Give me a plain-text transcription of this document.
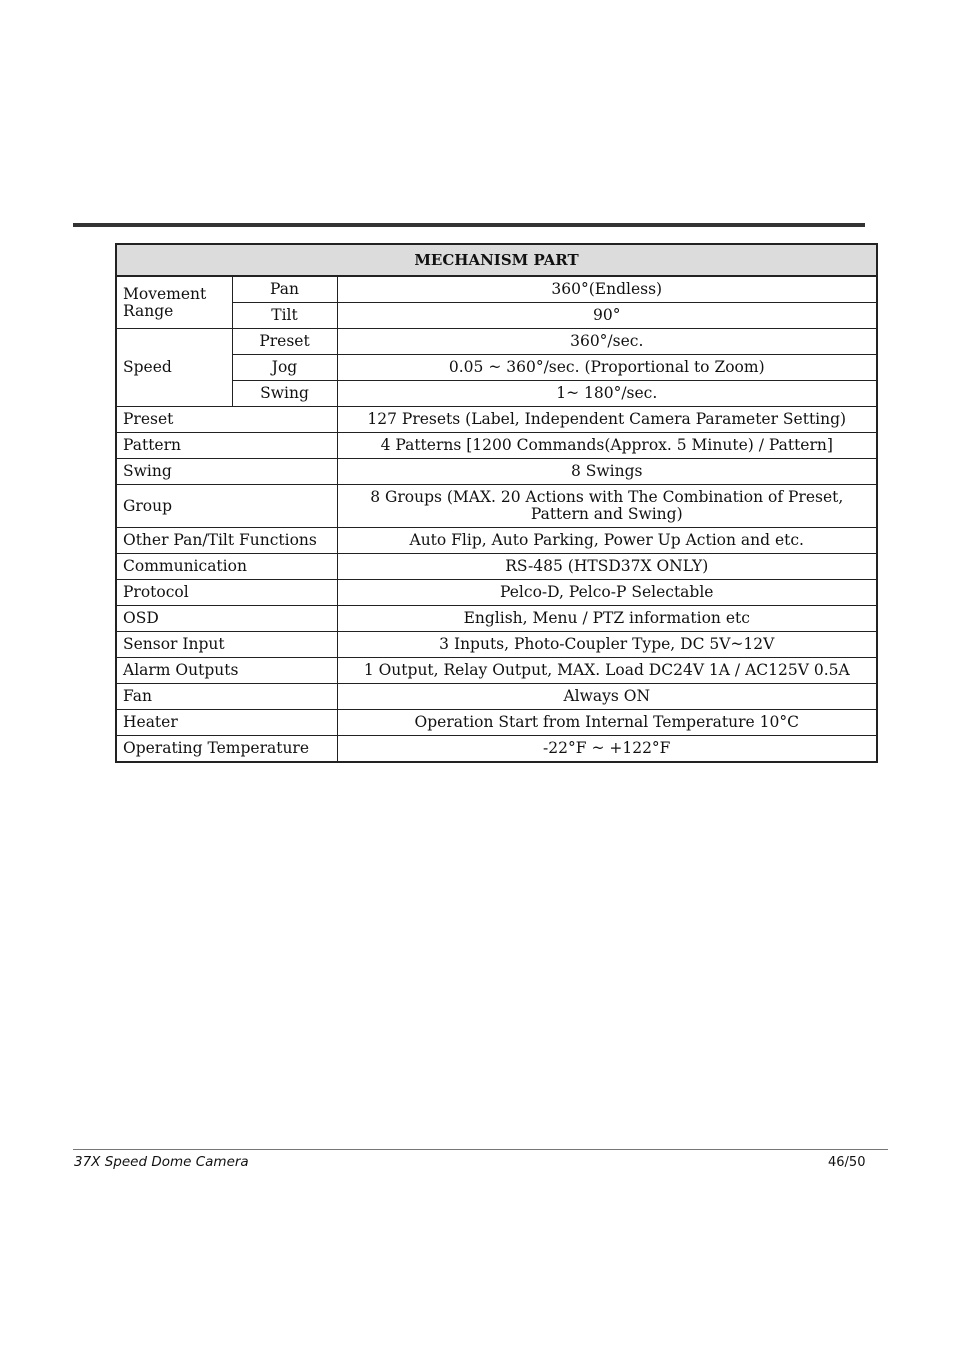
MECHANISM PART		
Movement Range	Pan	360°(Endless)
	Tilt	90°
Speed	Preset	360°/sec.
	Jog	0.05 ~ 360°/sec. (Proportional to Zoom)
	Swing	1~ 180°/sec.
Preset		127 Presets (Label, Independent Camera Parameter Setting)
Pattern		4 Patterns [1200 Commands(Approx. 5 Minute) / Pattern]
Swing		8 Swings
Group		8 Groups (MAX. 20 Actions with The Combination of Preset, Pattern and Swing)
Other Pan/Tilt Functions		Auto Flip, Auto Parking, Power Up Action and etc.
Communication		RS-485 (HTSD37X ONLY)
Protocol		Pelco-D, Pelco-P Selectable
OSD		English, Menu / PTZ information etc
Sensor Input		3 Inputs, Photo-Coupler Type, DC 5V~12V
Alarm Outputs		1 Output, Relay Output, MAX. Load DC24V 1A / AC125V 0.5A
Fan		Always ON
Heater		Operation Start from Internal Temperature 10°C
Operating Temperature		-22°F ~ +122°F
37X Speed Dome Camera	46/50
